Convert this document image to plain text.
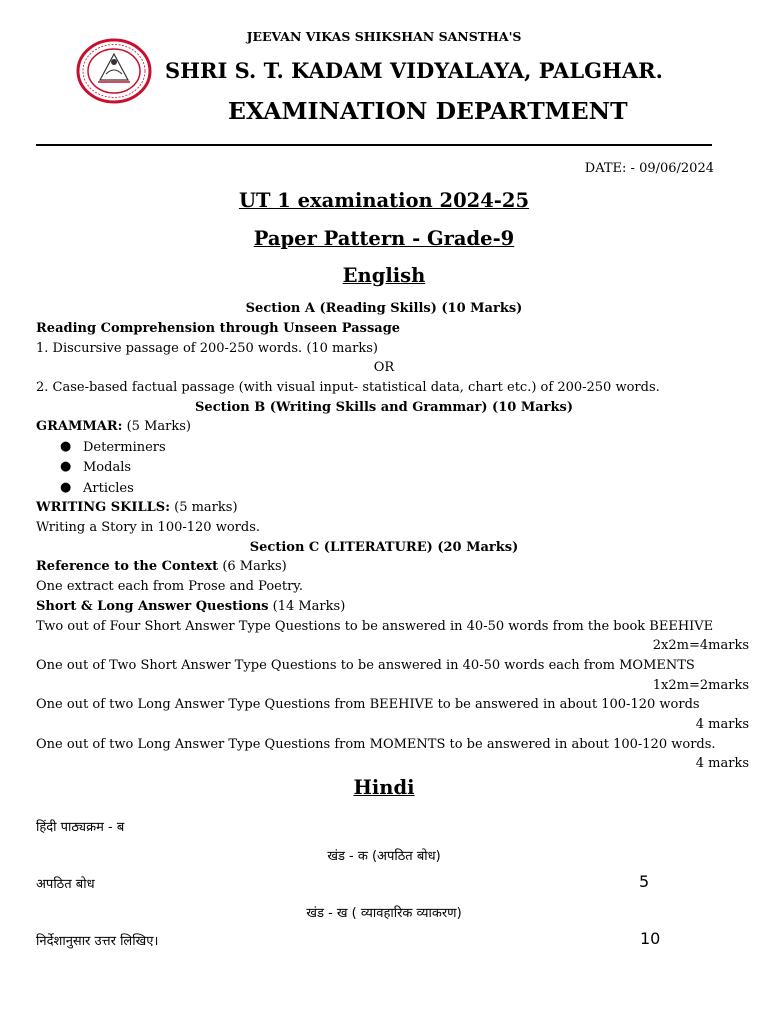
JEEVAN VIKAS SHIKSHAN SANSTHA'S
SHRI S. T. KADAM VIDYALAYA, PALGHAR.
EXAMINATION DEPARTMENT
DATE: - 09/06/2024
UT 1 examination 2024-25
Paper Pattern - Grade-9
English
Section A (Reading Skills) (10 Marks)
Reading Comprehension through Unseen Passage
1. Discursive passage of 200-250 words. (10 marks)
OR
2. Case-based factual passage (with visual input- statistical data, chart etc.) of 200-250 words.
Section B (Writing Skills and Grammar) (10 Marks)
GRAMMAR: (5 Marks)
● Determiners
● Modals
● Articles
WRITING SKILLS: (5 marks)
Writing a Story in 100-120 words.
Section C (LITERATURE) (20 Marks)
Reference to the Context (6 Marks)
One extract each from Prose and Poetry.
Short & Long Answer Questions (14 Marks)
Two out of Four Short Answer Type Questions to be answered in 40-50 words from the book BEEHIVE
2x2m=4marks
One out of Two Short Answer Type Questions to be answered in 40-50 words each from MOMENTS
1x2m=2marks
One out of two Long Answer Type Questions from BEEHIVE to be answered in about 100-120 words
4 marks
One out of two Long Answer Type Questions from MOMENTS to be answered in about 100-120 words.
4 marks
Hindi
हिंदी पाठ्यक्रम - ब
खंड - क (अपठित बोध)
अपठित बोध	5
खंड - ख ( व्यावहारिक व्याकरण)
निर्देशानुसार उत्तर लिखिए।	10
